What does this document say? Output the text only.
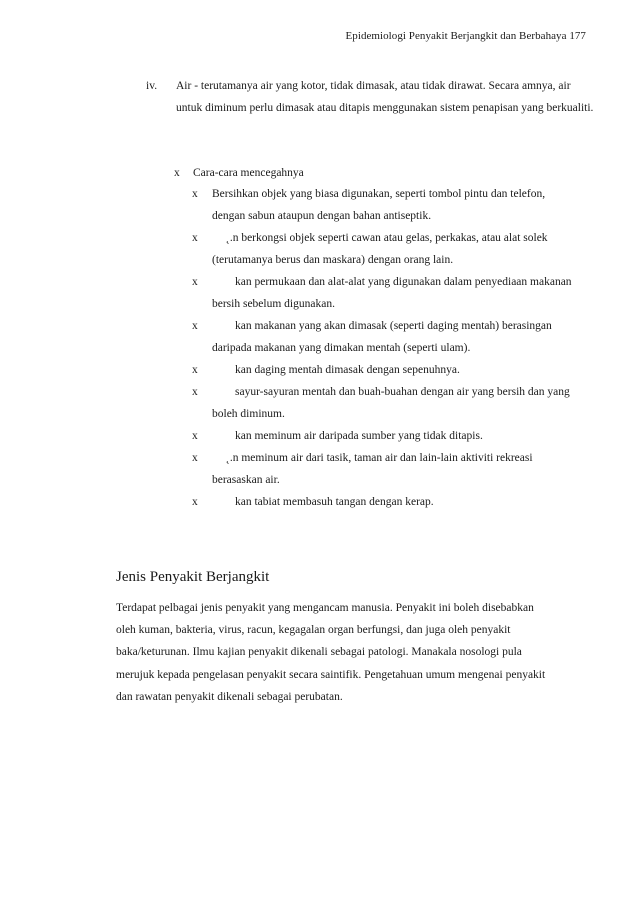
Epidemiologi Penyakit Berjangkit dan Berbahaya 177
iv. Air - terutamanya air yang kotor, tidak dimasak, atau tidak dirawat. Secara amnya, air untuk diminum perlu dimasak atau ditapis menggunakan sistem penapisan yang berkualiti.
x Cara-cara mencegahnya
x Bersihkan objek yang biasa digunakan, seperti tombol pintu dan telefon, dengan sabun ataupun dengan bahan antiseptik.
x ˛.n berkongsi objek seperti cawan atau gelas, perkakas, atau alat solek (terutamanya berus dan maskara) dengan orang lain.
x	kan permukaan dan alat-alat yang digunakan dalam penyediaan makanan bersih sebelum digunakan.
x	kan makanan yang akan dimasak (seperti daging mentah) berasingan daripada makanan yang dimakan mentah (seperti ulam).
x	kan daging mentah dimasak dengan sepenuhnya.
x	sayur-sayuran mentah dan buah-buahan dengan air yang bersih dan yang boleh diminum.
x	kan meminum air daripada sumber yang tidak ditapis.
x ˛.n meminum air dari tasik, taman air dan lain-lain aktiviti rekreasi berasaskan air.
x	kan tabiat membasuh tangan dengan kerap.
Jenis Penyakit Berjangkit
Terdapat pelbagai jenis penyakit yang mengancam manusia. Penyakit ini boleh disebabkan oleh kuman, bakteria, virus, racun, kegagalan organ berfungsi, dan juga oleh penyakit baka/keturunan. Ilmu kajian penyakit dikenali sebagai patologi. Manakala nosologi pula merujuk kepada pengelasan penyakit secara saintifik. Pengetahuan umum mengenai penyakit dan rawatan penyakit dikenali sebagai perubatan.
